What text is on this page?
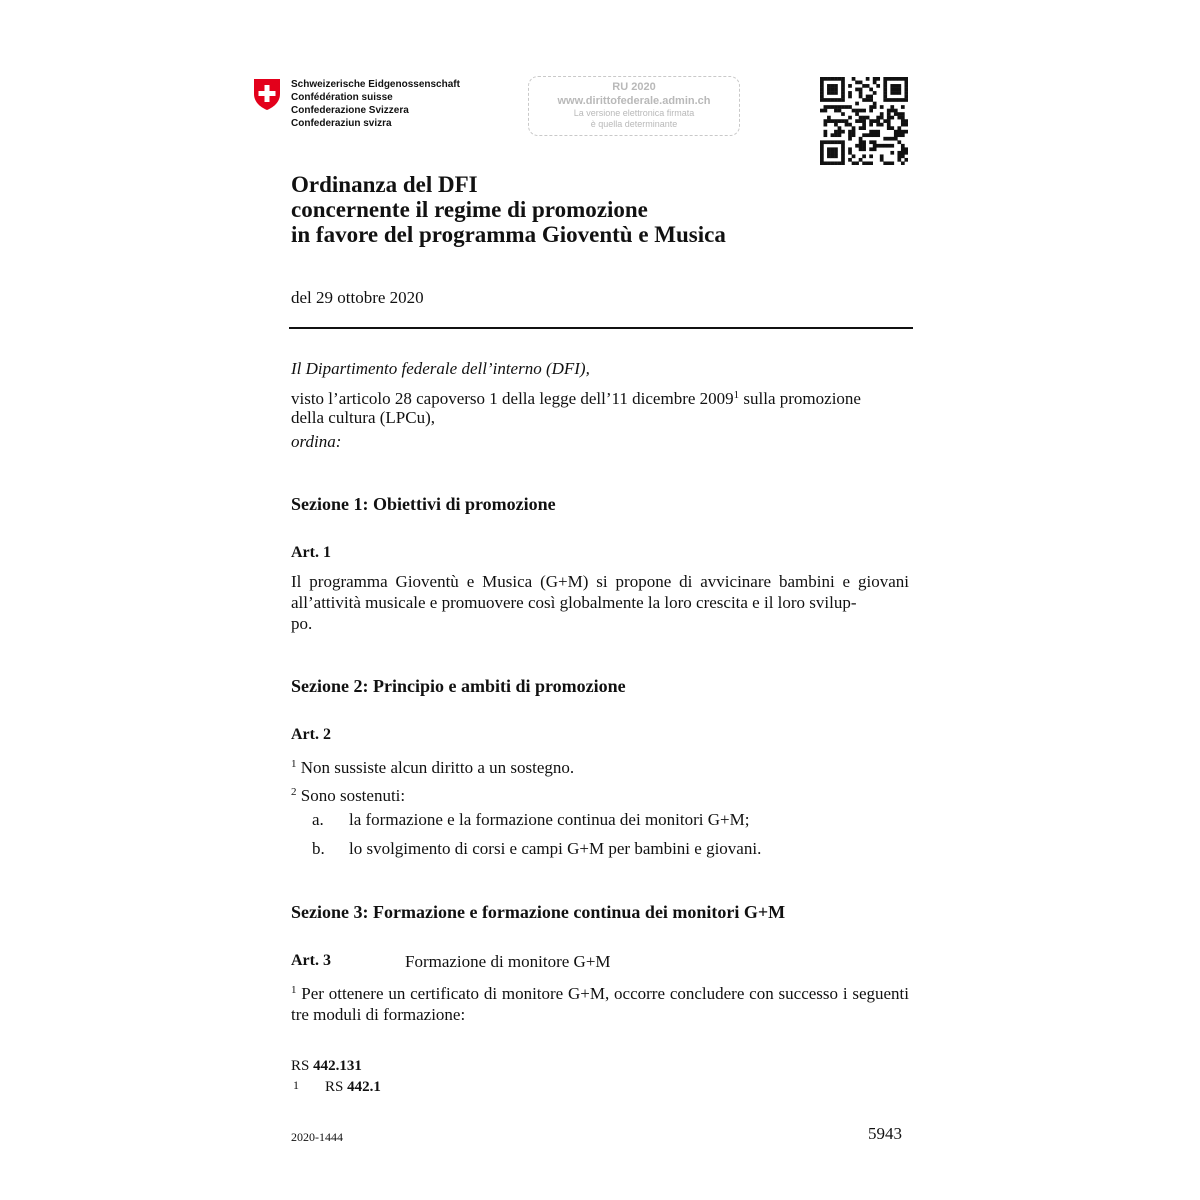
Schweizerische Eidgenossenschaft
Confédération suisse
Confederazione Svizzera
Confederaziun svizra
RU 2020
www.dirittofederale.admin.ch
La versione elettronica firmata
è quella determinante
Ordinanza del DFI
concernente il regime di promozione
in favore del programma Gioventù e Musica
del 29 ottobre 2020
Il Dipartimento federale dell’interno (DFI),
visto l’articolo 28 capoverso 1 della legge dell’11 dicembre 2009$^1$ sulla promozione
della cultura (LPCu),
ordina:
Sezione 1: Obiettivi di promozione
Art. 1
Il programma Gioventù e Musica (G+M) si propone di avvicinare bambini e giovani all’attività musicale e promuovere così globalmente la loro crescita e il loro svilup-
po.
Sezione 2: Principio e ambiti di promozione
Art. 2
$^1$ Non sussiste alcun diritto a un sostegno.
$^2$ Sono sostenuti:
a. la formazione e la formazione continua dei monitori G+M;
b. lo svolgimento di corsi e campi G+M per bambini e giovani.
Sezione 3: Formazione e formazione continua dei monitori G+M
Art. 3	Formazione di monitore G+M
$^1$ Per ottenere un certificato di monitore G+M, occorre concludere con successo i seguenti tre moduli di formazione:
RS 442.131
1 RS 442.1
2020-1444	5943
